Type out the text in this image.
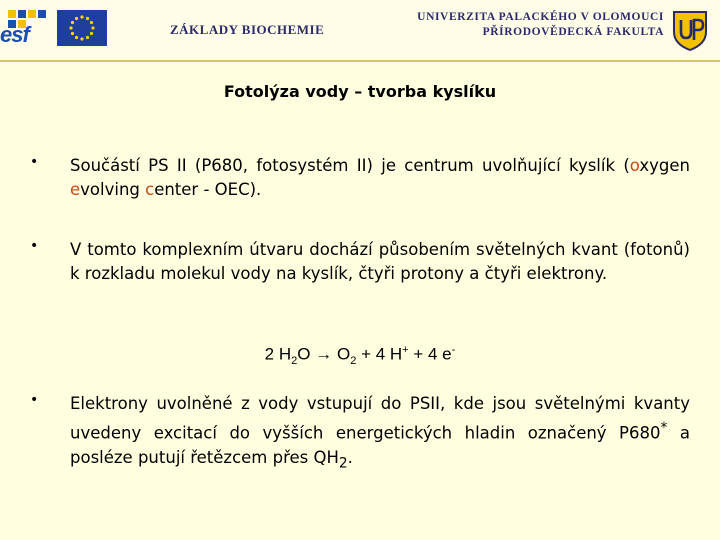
esf	ZÁKLADY BIOCHEMIE
UNIVERZITA PALACKÉHO V OLOMOUCI
PŘÍRODOVĚDECKÁ FAKULTA
Fotolýza vody – tvorba kyslíku
• Součástí PS II (P680, fotosystém II) je centrum uvolňující kyslík (oxygen evolving center - OEC).
• V tomto komplexním útvaru dochází působením světelných kvant (fotonů) k rozkladu molekul vody na kyslík, čtyři protony a čtyři elektrony.
2 $H_2O \to O_2 + 4$ H+ + 4 e-
• Elektrony uvolněné z vody vstupují do PSII, kde jsou světelnými kvanty uvedeny excitací do vyšších energetických hladin označený P680* a posléze putují řetězcem přes $QH_2$.
